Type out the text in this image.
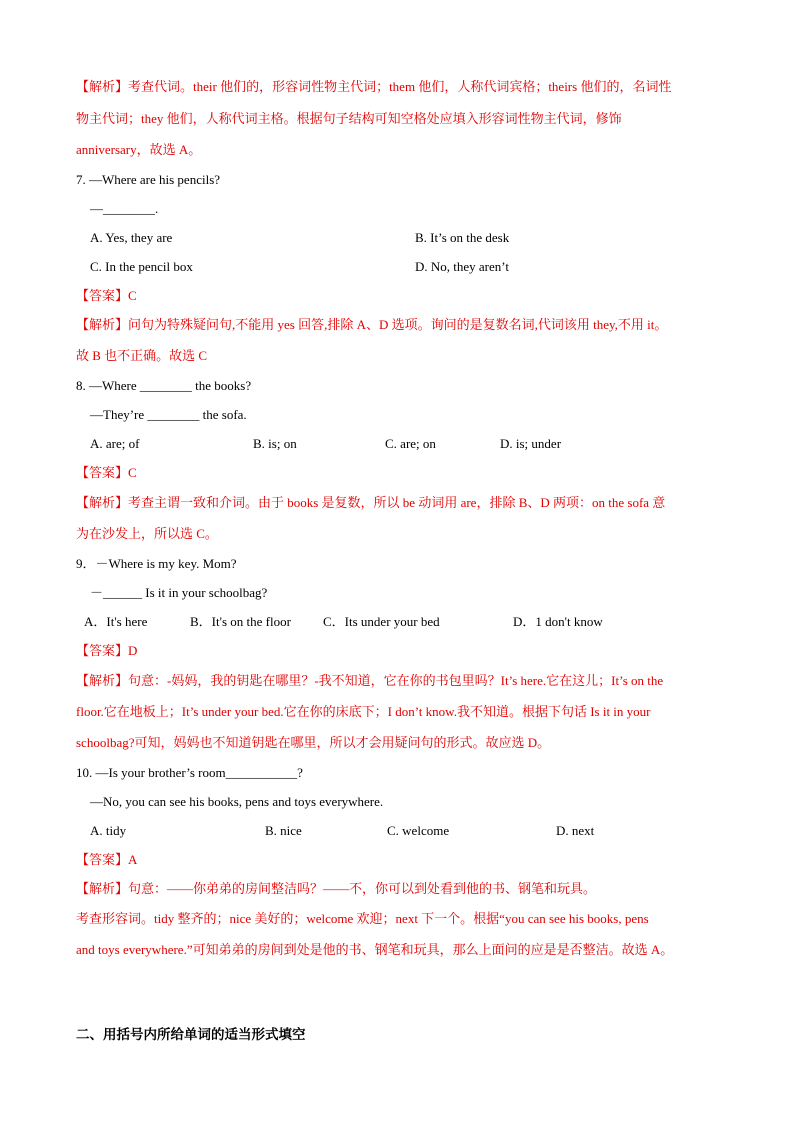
【解析】考查代词。their 他们的，形容词性物主代词；them 他们，人称代词宾格；theirs 他们的，名词性
物主代词；they 他们，人称代词主格。根据句子结构可知空格处应填入形容词性物主代词，修饰
anniversary，故选 A。
7. —Where are his pencils?
—________.
A. Yes, they are	B. It’s on the desk
C. In the pencil box	D. No, they aren’t
【答案】C
【解析】问句为特殊疑问句,不能用 yes 回答,排除 A、D 选项。询问的是复数名词,代词该用 they,不用 it。
故 B 也不正确。故选 C
8. —Where ________ the books?
—They’re ________ the sofa.
A. are; of	B. is; on	C. are; on	D. is; under
【答案】C
【解析】考查主谓一致和介词。由于 books 是复数，所以 be 动词用 are，排除 B、D 两项：on the sofa 意
为在沙发上，所以选 C。
9．－Where is my key. Mom?
－______ Is it in your schoolbag?
A．It's here	B．It's on the floor C．Its under your bed	D．1 don't know
【答案】D
【解析】句意：-妈妈，我的钥匙在哪里？-我不知道，它在你的书包里吗？It’s here.它在这儿；It’s on the
floor.它在地板上；It’s under your bed.它在你的床底下；I don’t know.我不知道。根据下句话 Is it in your
schoolbag?可知，妈妈也不知道钥匙在哪里，所以才会用疑问句的形式。故应选 D。
10. —Is your brother’s room___________?
—No, you can see his books, pens and toys everywhere.
A. tidy	B. nice	C. welcome	D. next
【答案】A
【解析】句意：——你弟弟的房间整洁吗？——不，你可以到处看到他的书、钢笔和玩具。
考查形容词。tidy 整齐的；nice 美好的；welcome 欢迎；next 下一个。根据“you can see his books, pens
and toys everywhere.”可知弟弟的房间到处是他的书、钢笔和玩具，那么上面问的应是是否整洁。故选 A。
二、用括号内所给单词的适当形式填空
